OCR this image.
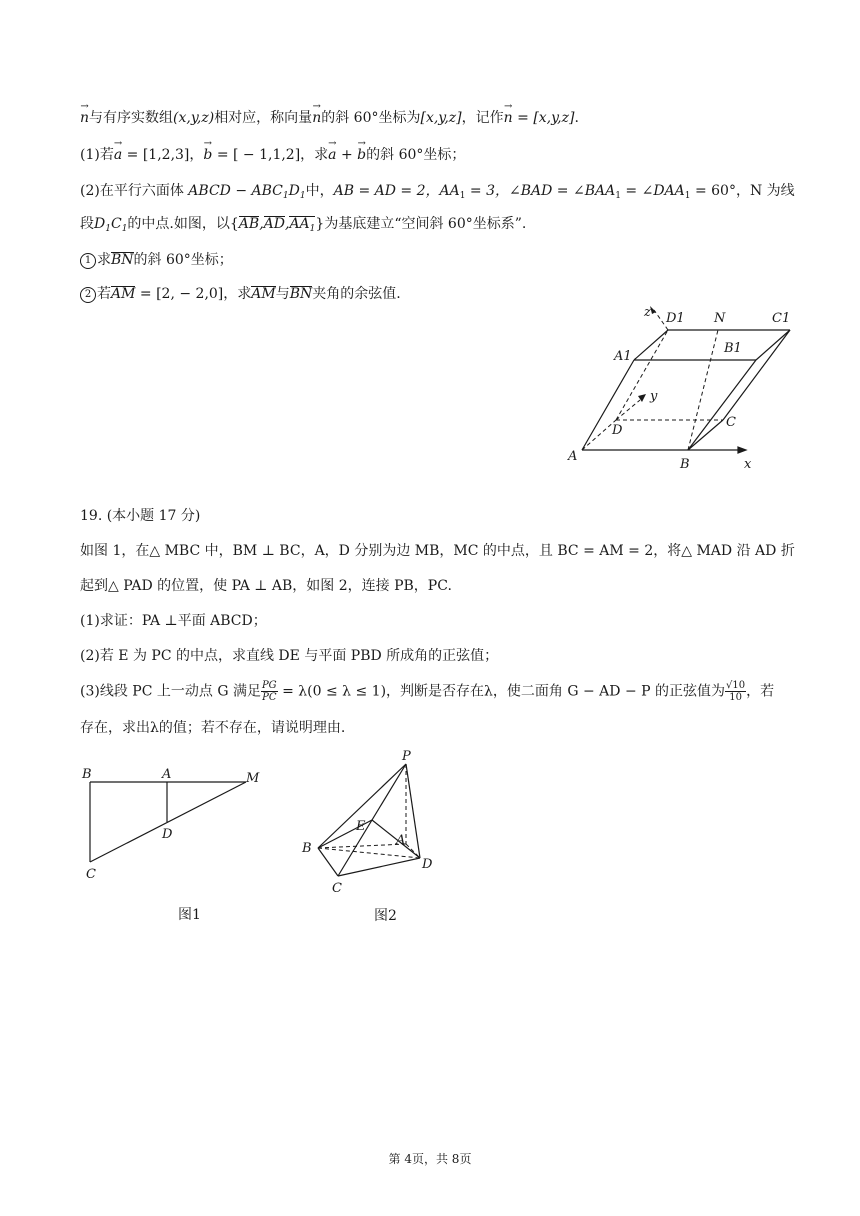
→ n与有序实数组(x,y,z)相对应，称向量→ n的斜 60°坐标为[x,y,z]，记作→ n = [x,y,z].
(1)若→ a = [1,2,3]，→ b = [ − 1,1,2]，求→ a + → b的斜 60°坐标；
(2)在平行六面体 ABCD − $ABC_1D_1$中，AB = AD = 2，$AA_1 = 3$，∠BAD = $\angle BAA_1$ = $\angle DAA_1 = 60^\circ$，N 为线
段$D_1C_1$的中点.如图，以$\{AB,AD,AA_1\}$为基底建立“空间斜 60°坐标系”.
1 求BN的斜 60°坐标；
2 若AM = [2, − 2,0]，求AM与BN夹角的余弦值.
z D1 N	C1
A1
B1
y
D
C
A
B	x
19. (本小题 17 分)
如图 1，在△ MBC 中，BM ⊥ BC，A，D 分别为边 MB，MC 的中点，且 BC = AM = 2，将△ MAD 沿 AD 折
起到△ PAD 的位置，使 PA ⊥ AB，如图 2，连接 PB，PC.
(1)求证：PA ⊥平面 ABCD；
(2)若 E 为 PC 的中点，求直线 DE 与平面 PBD 所成角的正弦值；
(3)线段 PC 上一动点 G 满足 $\frac{PG}{PC} = \lambda(0 \le \lambda \le 1)$，判断是否存在λ，使二面角 G − AD − P 的正弦值为 $\frac{√10}{10}$ ，若
存在，求出λ的值；若不存在，请说明理由.
B	A	M
D
C
图1
P
E
A
B
D
C
图2
第 4页，共 8页
